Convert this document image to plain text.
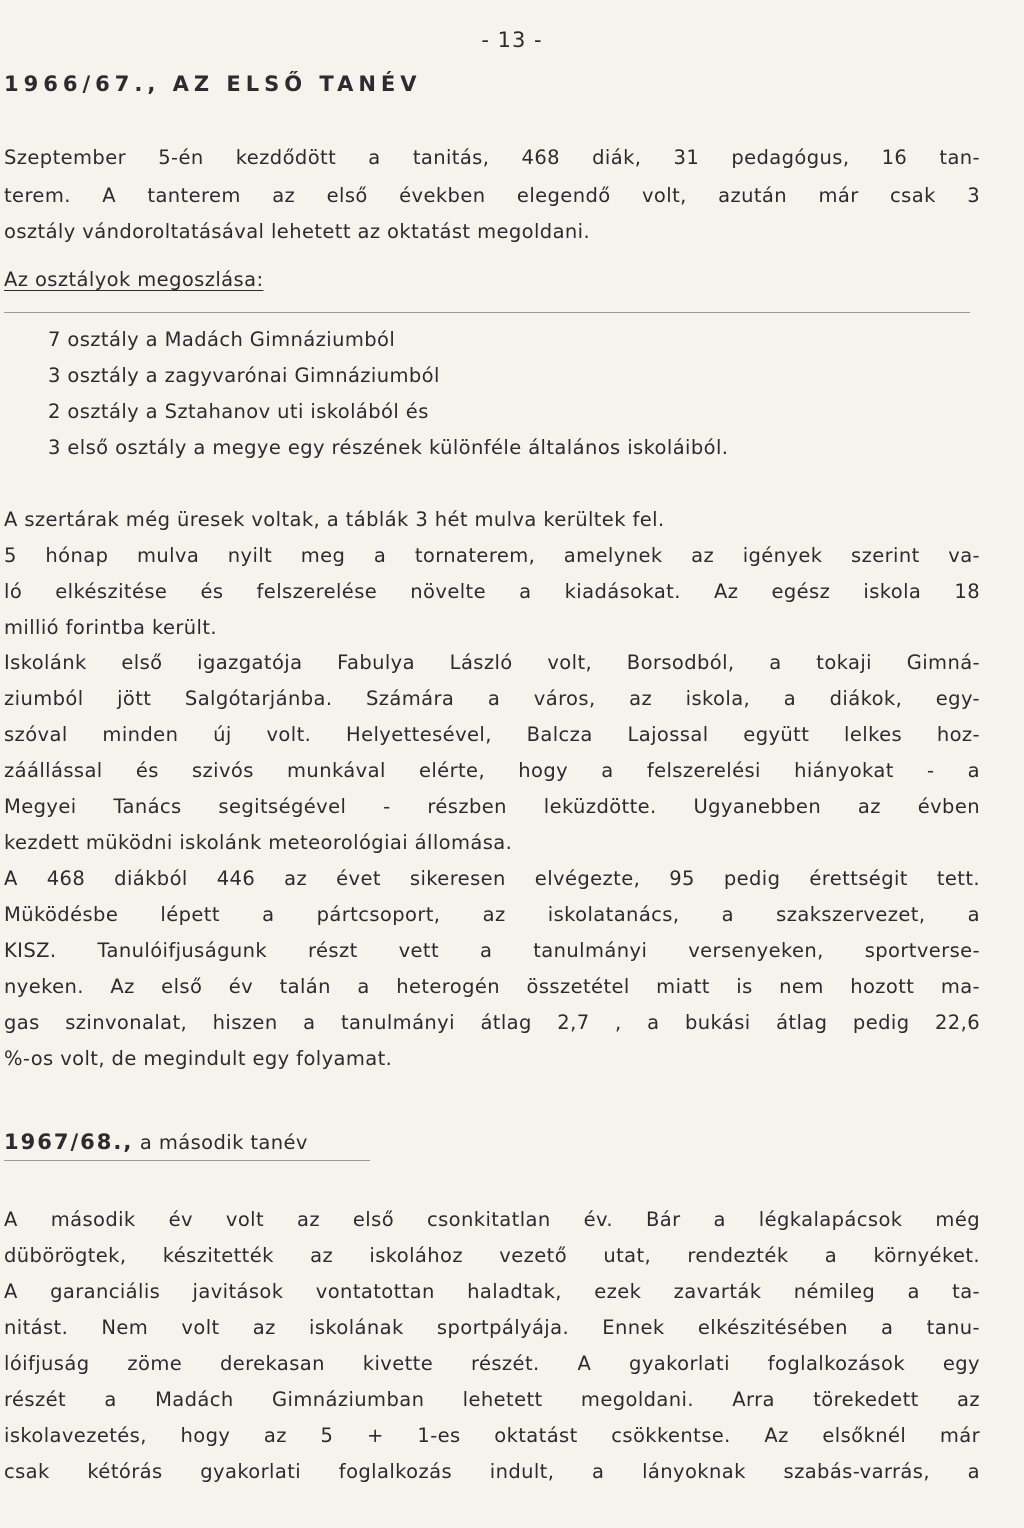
- 13 -
1966/67., AZ ELSŐ TANÉV
Szeptember 5-én kezdődött a tanitás, 468 diák, 31 pedagógus, 16 tan-
terem. A tanterem az első években elegendő volt, azután már csak 3
osztály vándoroltatásával lehetett az oktatást megoldani.
Az osztályok megoszlása:
7 osztály a Madách Gimnáziumból
3 osztály a zagyvarónai Gimnáziumból
2 osztály a Sztahanov uti iskolából és
3 első osztály a megye egy részének különféle általános iskoláiból.
A szertárak még üresek voltak, a táblák 3 hét mulva kerültek fel.
5 hónap mulva nyilt meg a tornaterem, amelynek az igények szerint va-
ló elkészitése és felszerelése növelte a kiadásokat. Az egész iskola 18
millió forintba került.
Iskolánk első igazgatója Fabulya László volt, Borsodból, a tokaji Gimná-
ziumból jött Salgótarjánba. Számára a város, az iskola, a diákok, egy-
szóval minden új volt. Helyettesével, Balcza Lajossal együtt lelkes hoz-
záállással és szivós munkával elérte, hogy a felszerelési hiányokat - a
Megyei Tanács segitségével - részben leküzdötte. Ugyanebben az évben
kezdett müködni iskolánk meteorológiai állomása.
A 468 diákból 446 az évet sikeresen elvégezte, 95 pedig érettségit tett.
Müködésbe lépett a pártcsoport, az iskolatanács, a szakszervezet, a
KISZ. Tanulóifjuságunk részt vett a tanulmányi versenyeken, sportverse-
nyeken. Az első év talán a heterogén összetétel miatt is nem hozott ma-
gas szinvonalat, hiszen a tanulmányi átlag 2,7 , a bukási átlag pedig 22,6
%-os volt, de megindult egy folyamat.
1967/68., a második tanév
A második év volt az első csonkitatlan év. Bár a légkalapácsok még
dübörögtek, készitették az iskolához vezető utat, rendezték a környéket.
A garanciális javitások vontatottan haladtak, ezek zavarták némileg a ta-
nitást. Nem volt az iskolának sportpályája. Ennek elkészitésében a tanu-
lóifjuság zöme derekasan kivette részét. A gyakorlati foglalkozások egy
részét a Madách Gimnáziumban lehetett megoldani. Arra törekedett az
iskolavezetés, hogy az 5 + 1-es oktatást csökkentse. Az elsőknél már
csak kétórás gyakorlati foglalkozás indult, a lányoknak szabás-varrás, a
